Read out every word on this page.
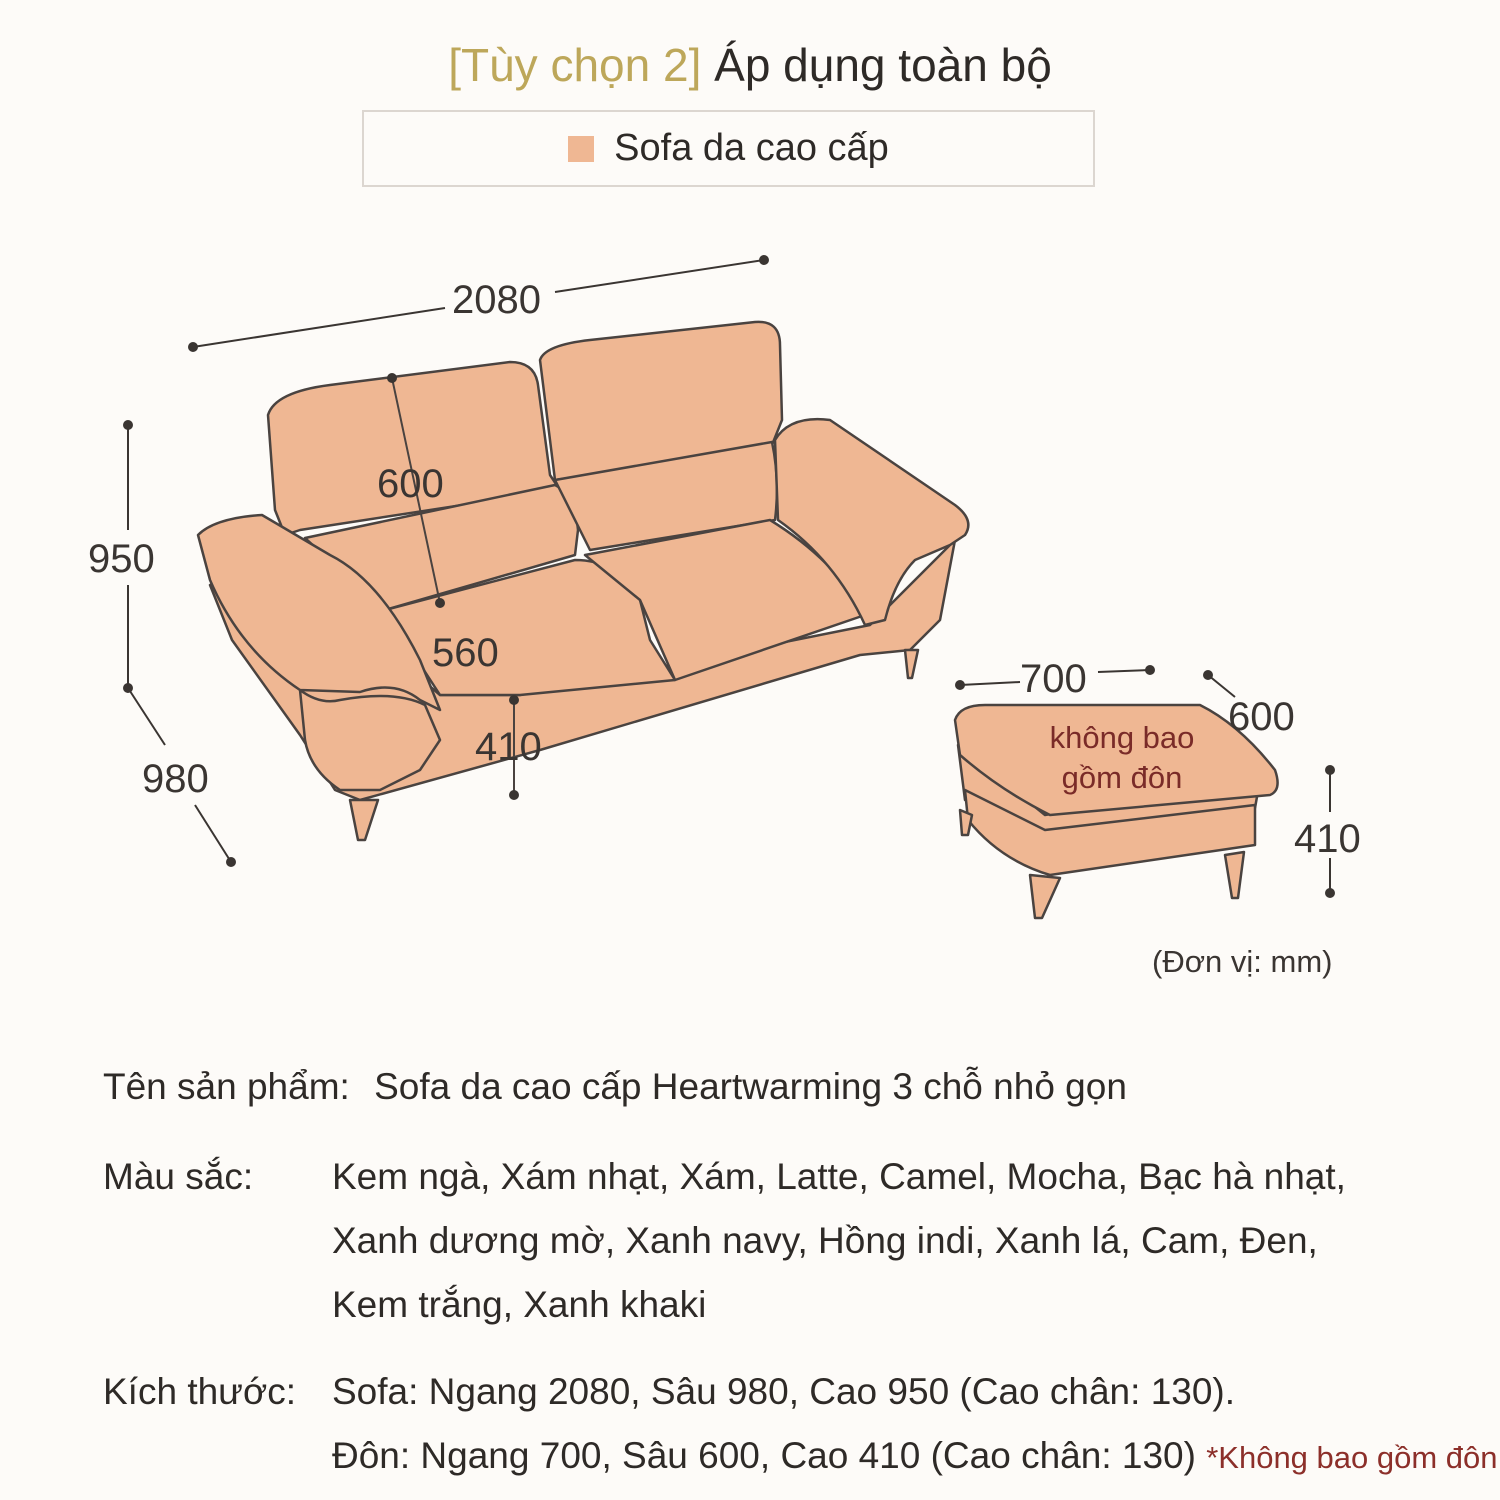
[Tùy chọn 2] Áp dụng toàn bộ
Sofa da cao cấp
2080
950
980
600
560
410
700
600
410
không bao
gồm đôn
(Đơn vị: mm)
Tên sản phẩm: Sofa da cao cấp Heartwarming 3 chỗ nhỏ gọn
Màu sắc: Kem ngà, Xám nhạt, Xám, Latte, Camel, Mocha, Bạc hà nhạt,
Xanh dương mờ, Xanh navy, Hồng indi, Xanh lá, Cam, Đen,
Kem trắng, Xanh khaki
Kích thước: Sofa: Ngang 2080, Sâu 980, Cao 950 (Cao chân: 130).
Đôn: Ngang 700, Sâu 600, Cao 410 (Cao chân: 130) *Không bao gồm đôn
